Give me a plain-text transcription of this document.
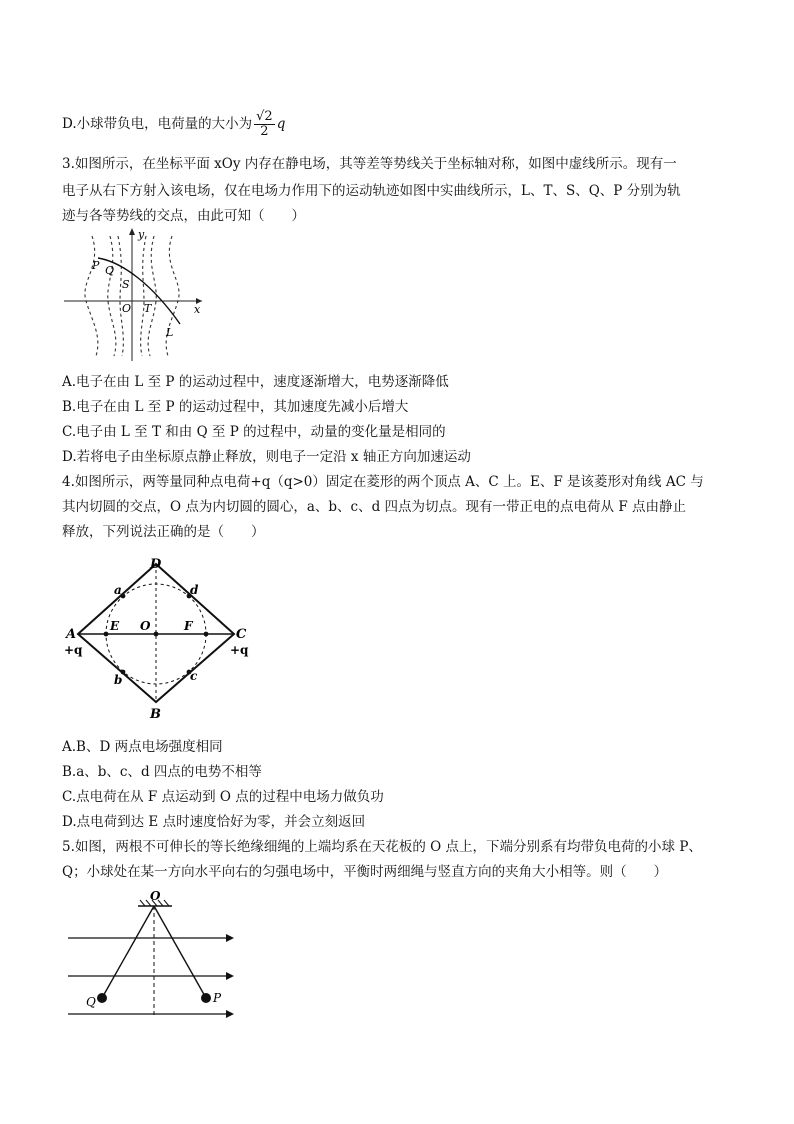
D.小球带负电，电荷量的大小为 $\frac{√2}{2}$ q
3.如图所示，在坐标平面 xOy 内存在静电场，其等差等势线关于坐标轴对称，如图中虚线所示。现有一
电子从右下方射入该电场，仅在电场力作用下的运动轨迹如图中实曲线所示，L、T、S、Q、P 分别为轨
迹与各等势线的交点，由此可知（　　）
y
x
O
P Q
S
T
L
A.电子在由 L 至 P 的运动过程中，速度逐渐增大，电势逐渐降低
B.电子在由 L 至 P 的运动过程中，其加速度先减小后增大
C.电子由 L 至 T 和由 Q 至 P 的过程中，动量的变化量是相同的
D.若将电子由坐标原点静止释放，则电子一定沿 x 轴正方向加速运动
4.如图所示，两等量同种点电荷+q（q>0）固定在菱形的两个顶点 A、C 上。E、F 是该菱形对角线 AC 与
其内切圆的交点，O 点为内切圆的圆心，a、b、c、d 四点为切点。现有一带正电的点电荷从 F 点由静止
释放，下列说法正确的是（　　）
D
B
A	C
+q	+q
E O	F
a
b	c
d
A.B、D 两点电场强度相同
B.a、b、c、d 四点的电势不相等
C.点电荷在从 F 点运动到 O 点的过程中电场力做负功
D.点电荷到达 E 点时速度恰好为零，并会立刻返回
5.如图，两根不可伸长的等长绝缘细绳的上端均系在天花板的 O 点上，下端分别系有均带负电荷的小球 P、
Q；小球处在某一方向水平向右的匀强电场中，平衡时两细绳与竖直方向的夹角大小相等。则（　　）
O
Q	P
